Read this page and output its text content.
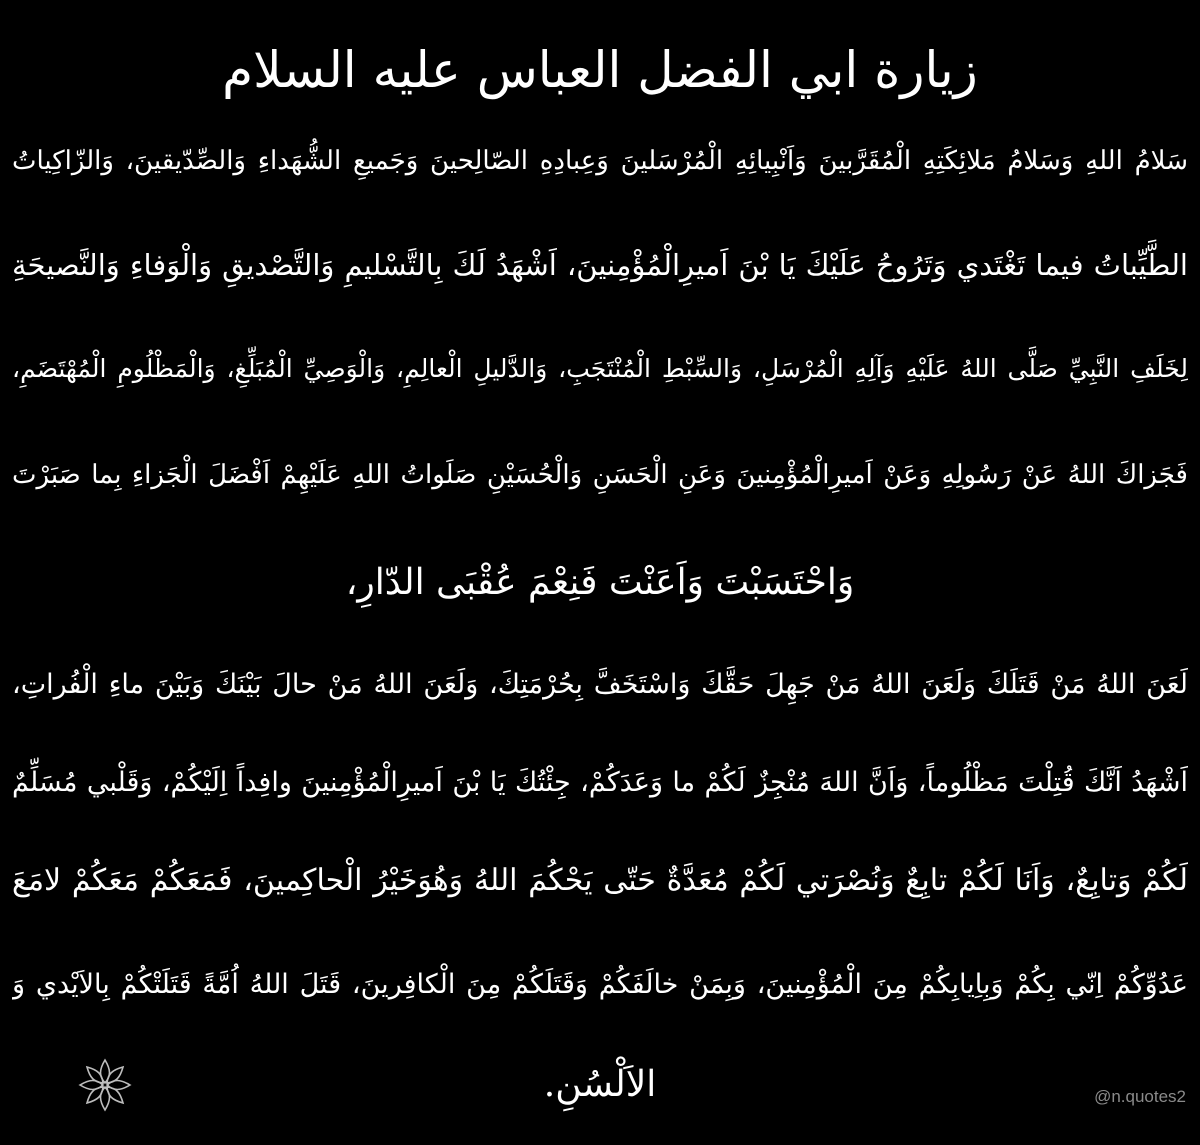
زيارة ابي الفضل العباس عليه السلام
سَلامُ اللهِ وَسَلامُ مَلائِكَتِهِ الْمُقَرَّبينَ وَاَنْبِيائِهِ الْمُرْسَلينَ وَعِبادِهِ الصّالِحينَ وَجَميعِ الشُّهَداءِ وَالصِّدّيقينَ، وَالزّاكِياتُ
الطَّيِّباتُ فيما تَغْتَدي وَتَرُوحُ عَلَيْكَ يَا بْنَ اَميرِالْمُؤْمِنينَ، اَشْهَدُ لَكَ بِالتَّسْليمِ وَالتَّصْديقِ وَالْوَفاءِ وَالنَّصيحَةِ
لِخَلَفِ النَّبِيِّ صَلَّى اللهُ عَلَيْهِ وَآلِهِ الْمُرْسَلِ، وَالسِّبْطِ الْمُنْتَجَبِ، وَالدَّليلِ الْعالِمِ، وَالْوَصِيِّ الْمُبَلِّغِ، وَالْمَظْلُومِ الْمُهْتَضَمِ،
فَجَزاكَ اللهُ عَنْ رَسُولِهِ وَعَنْ اَميرِالْمُؤْمِنينَ وَعَنِ الْحَسَنِ وَالْحُسَيْنِ صَلَواتُ اللهِ عَلَيْهِمْ اَفْضَلَ الْجَزاءِ بِما صَبَرْتَ
وَاحْتَسَبْتَ وَاَعَنْتَ فَنِعْمَ عُقْبَى الدّارِ،
لَعَنَ اللهُ مَنْ قَتَلَكَ وَلَعَنَ اللهُ مَنْ جَهِلَ حَقَّكَ وَاسْتَخَفَّ بِحُرْمَتِكَ، وَلَعَنَ اللهُ مَنْ حالَ بَيْنَكَ وَبَيْنَ ماءِ الْفُراتِ،
اَشْهَدُ اَنَّكَ قُتِلْتَ مَظْلُوماً، وَاَنَّ اللهَ مُنْجِزٌ لَكُمْ ما وَعَدَكُمْ، جِئْتُكَ يَا بْنَ اَميرِالْمُؤْمِنينَ وافِداً اِلَيْكُمْ، وَقَلْبي مُسَلِّمٌ
لَكُمْ وَتابِعٌ، وَاَنَا لَكُمْ تابِعٌ وَنُصْرَتي لَكُمْ مُعَدَّةٌ حَتّى يَحْكُمَ اللهُ وَهُوَخَيْرُ الْحاكِمينَ، فَمَعَكُمْ مَعَكُمْ لامَعَ
عَدُوِّكُمْ اِنّي بِكُمْ وَبِاِيابِكُمْ مِنَ الْمُؤْمِنينَ، وَبِمَنْ خالَفَكُمْ وَقَتَلَكُمْ مِنَ الْكافِرينَ، قَتَلَ اللهُ اُمَّةً قَتَلَتْكُمْ بِالاَيْدي وَ
الاَلْسُنِ.	@n.quotes2
